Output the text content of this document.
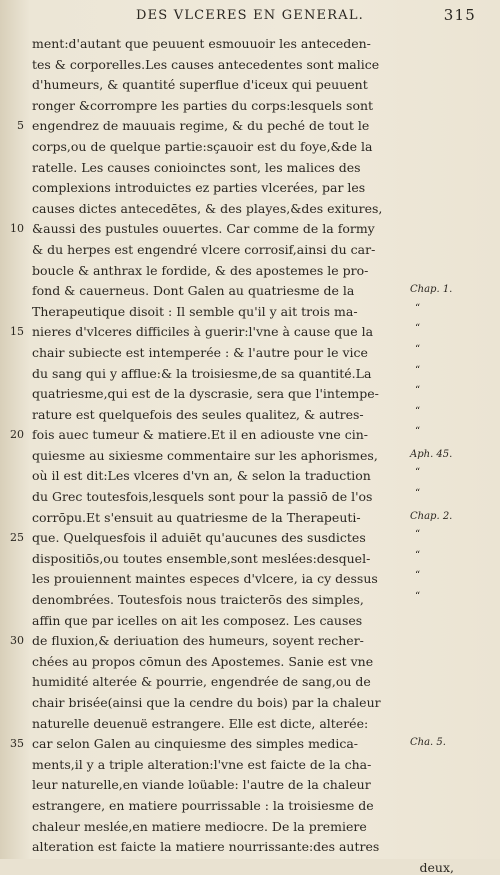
DES VLCERES EN GENERAL.	315
ment:d'autant que peuuent esmouuoir les anteceden-
tes & corporelles.Les causes antecedentes sont malice
d'humeurs, & quantité superflue d'iceux qui peuuent
ronger &corrompre les parties du corps:lesquels sont
5 engendrez de mauuais regime, & du peché de tout le
corps,ou de quelque partie:sçauoir est du foye,&de la
ratelle. Les causes conioinctes sont, les malices des
complexions introduictes ez parties vlcerées, par les
causes dictes antecedētes, & des playes,&des exitures,
10 &aussi des pustules ouuertes. Car comme de la formy
& du herpes est engendré vlcere corrosif,ainsi du car-
boucle & anthrax le fordide, & des apostemes le pro-
fond & cauerneus. Dont Galen au quatriesme de la
Therapeutique disoit : Il semble qu'il y ait trois ma-	“
15 nieres d'vlceres difficiles à guerir:l'vne à cause que la	“
chair subiecte est intemperée : & l'autre pour le vice	“
du sang qui y afflue:& la troisiesme,de sa quantité.La	“
quatriesme,qui est de la dyscrasie, sera que l'intempe-	“
rature est quelquefois des seules qualitez, & autres-	“
20 fois auec tumeur & matiere.Et il en adiouste vne cin-	“
quiesme au sixiesme commentaire sur les aphorismes,
où il est dit:Les vlceres d'vn an, & selon la traduction	“
du Grec toutesfois,lesquels sont pour la passiō de l'os	“
corrōpu.Et s'ensuit au quatriesme de la Therapeuti-
25 que. Quelquesfois il aduiēt qu'aucunes des susdictes	“
dispositiōs,ou toutes ensemble,sont meslées:desquel-	“
les prouiennent maintes especes d'vlcere, ia cy dessus	“
denombrées. Toutesfois nous traicterōs des simples,	“
affin que par icelles on ait les composez. Les causes
30 de fluxion,& deriuation des humeurs, soyent recher-
chées au propos cōmun des Apostemes. Sanie est vne
humidité alterée & pourrie, engendrée de sang,ou de
chair brisée(ainsi que la cendre du bois) par la chaleur
naturelle deuenuë estrangere. Elle est dicte, alterée:
35 car selon Galen au cinquiesme des simples medica-
ments,il y a triple alteration:l'vne est faicte de la cha-
leur naturelle,en viande loüable: l'autre de la chaleur
estrangere, en matiere pourrissable : la troisiesme de
chaleur meslée,en matiere mediocre. De la premiere
alteration est faicte la matiere nourrissante:des autres
deux,
Chap. 1.
Aph. 45.
Chap. 2.
Cha. 5.
